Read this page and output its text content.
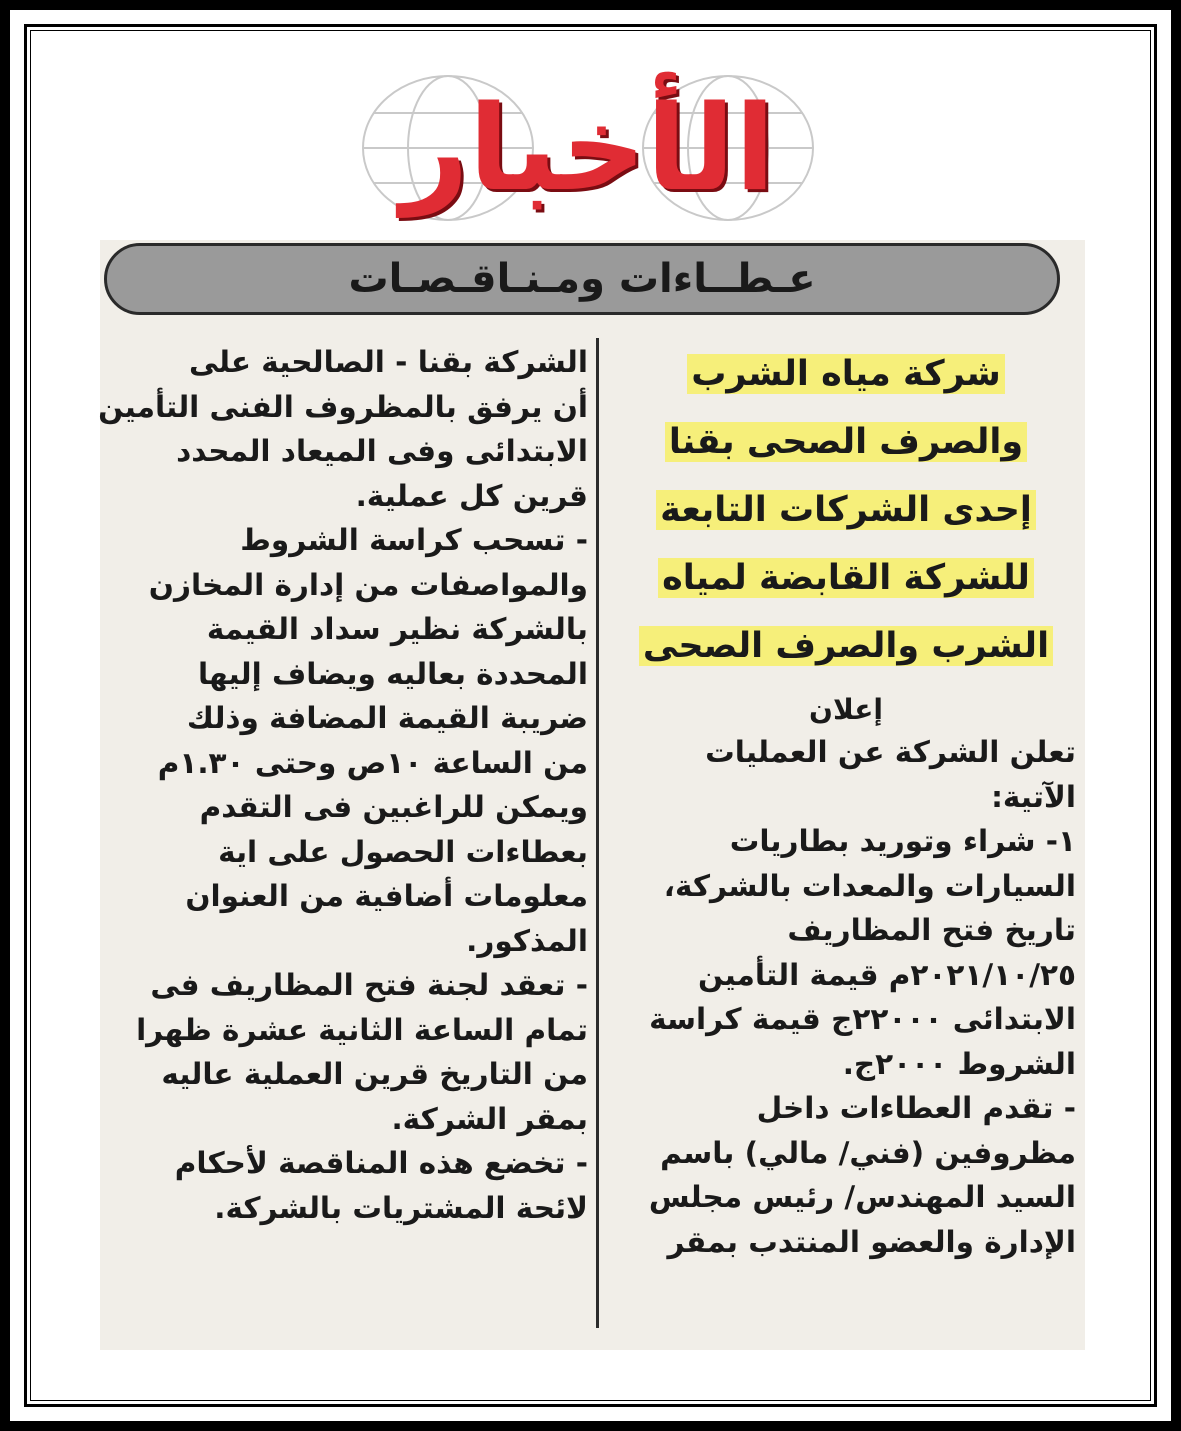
الأخبار
عـطــاءات ومـنـاقـصـات
شركة مياه الشرب
والصرف الصحى بقنا
إحدى الشركات التابعة
للشركة القابضة لمياه
الشرب والصرف الصحى
إعلان
تعلن الشركة عن العمليات
الآتية:
١- شراء وتوريد بطاريات
السيارات والمعدات بالشركة،
تاريخ فتح المظاريف
٢٠٢١/١٠/٢٥م قيمة التأمين
الابتدائى ٢٢٠٠٠ج قيمة كراسة
الشروط ٢٠٠٠ج.
- تقدم العطاءات داخل
مظروفين (فني/ مالي) باسم
السيد المهندس/ رئيس مجلس
الإدارة والعضو المنتدب بمقر
الشركة بقنا - الصالحية على
أن يرفق بالمظروف الفنى التأمين
الابتدائى وفى الميعاد المحدد
قرين كل عملية.
- تسحب كراسة الشروط
والمواصفات من إدارة المخازن
بالشركة نظير سداد القيمة
المحددة بعاليه ويضاف إليها
ضريبة القيمة المضافة وذلك
من الساعة ١٠ص وحتى ١.٣٠م
ويمكن للراغبين فى التقدم
بعطاءات الحصول على اية
معلومات أضافية من العنوان
المذكور.
- تعقد لجنة فتح المظاريف فى
تمام الساعة الثانية عشرة ظهرا
من التاريخ قرين العملية عاليه
بمقر الشركة.
- تخضع هذه المناقصة لأحكام
لائحة المشتريات بالشركة.
